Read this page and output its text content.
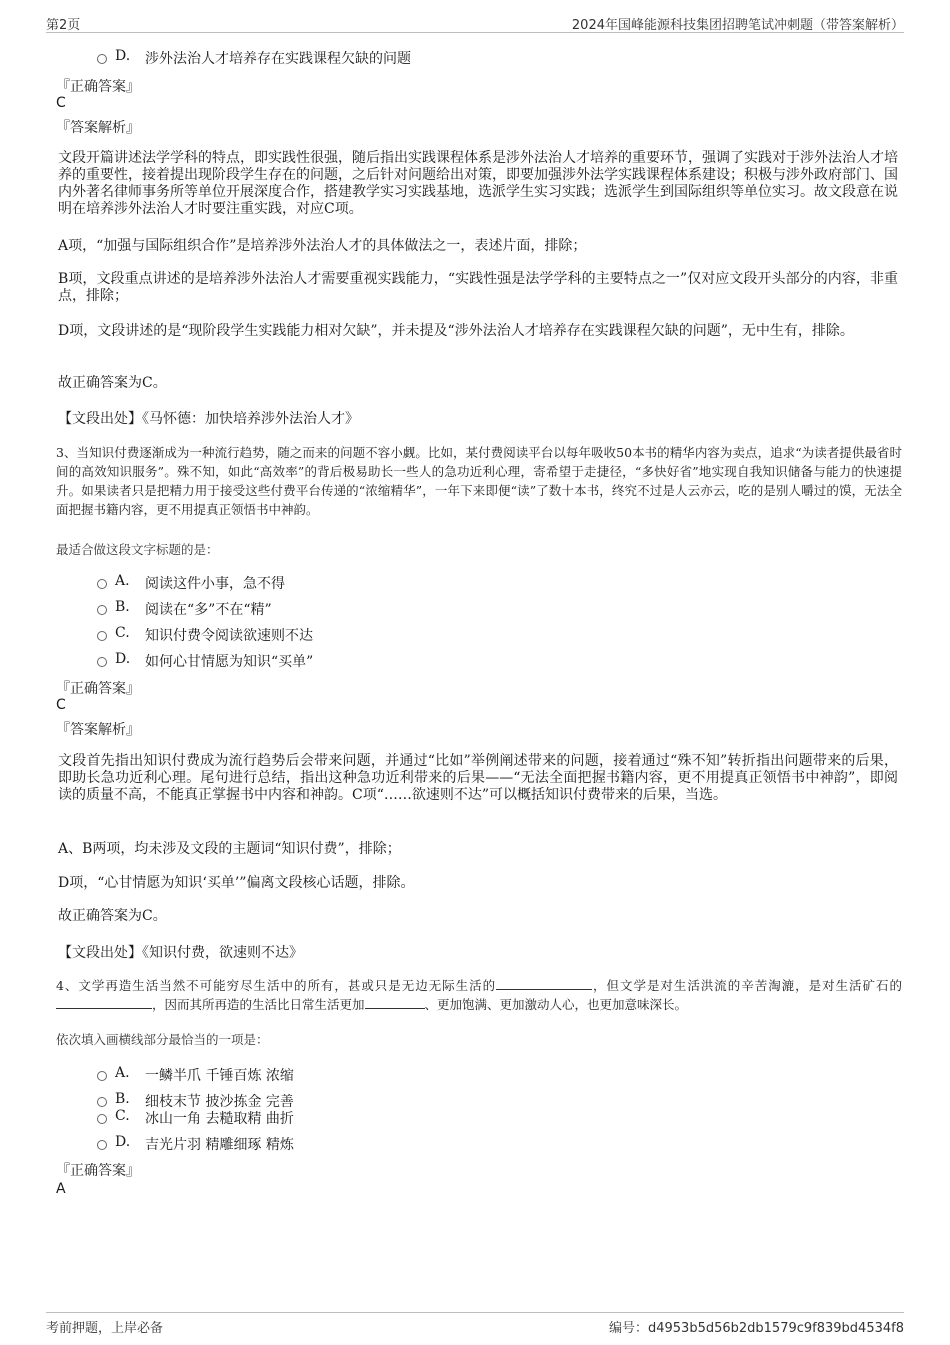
第2页	2024年国峰能源科技集团招聘笔试冲刺题（带答案解析）
D. 涉外法治人才培养存在实践课程欠缺的问题
『正确答案』
C
『答案解析』
文段开篇讲述法学学科的特点，即实践性很强，随后指出实践课程体系是涉外法治人才培养的重要环节，强调了实践对于涉外法治人才培养的重要性，接着提出现阶段学生存在的问题，之后针对问题给出对策，即要加强涉外法学实践课程体系建设；积极与涉外政府部门、国内外著名律师事务所等单位开展深度合作，搭建教学实习实践基地，选派学生实习实践；选派学生到国际组织等单位实习。故文段意在说明在培养涉外法治人才时要注重实践，对应C项。
A项，“加强与国际组织合作”是培养涉外法治人才的具体做法之一，表述片面，排除；
B项，文段重点讲述的是培养涉外法治人才需要重视实践能力，“实践性强是法学学科的主要特点之一”仅对应文段开头部分的内容，非重点，排除；
D项，文段讲述的是“现阶段学生实践能力相对欠缺”，并未提及“涉外法治人才培养存在实践课程欠缺的问题”，无中生有，排除。
故正确答案为C。
【文段出处】《马怀德：加快培养涉外法治人才》
3、当知识付费逐渐成为一种流行趋势，随之而来的问题不容小觑。比如，某付费阅读平台以每年吸收50本书的精华内容为卖点，追求“为读者提供最省时间的高效知识服务”。殊不知，如此“高效率”的背后极易助长一些人的急功近利心理，寄希望于走捷径，“多快好省”地实现自我知识储备与能力的快速提升。如果读者只是把精力用于接受这些付费平台传递的“浓缩精华”，一年下来即便“读”了数十本书，终究不过是人云亦云，吃的是别人嚼过的馍，无法全面把握书籍内容，更不用提真正领悟书中神韵。
最适合做这段文字标题的是：
A. 阅读这件小事，急不得
B. 阅读在“多”不在“精”
C. 知识付费令阅读欲速则不达
D. 如何心甘情愿为知识“买单”
『正确答案』
C
『答案解析』
文段首先指出知识付费成为流行趋势后会带来问题，并通过“比如”举例阐述带来的问题，接着通过“殊不知”转折指出问题带来的后果，即助长急功近利心理。尾句进行总结，指出这种急功近利带来的后果——“无法全面把握书籍内容，更不用提真正领悟书中神韵”，即阅读的质量不高，不能真正掌握书中内容和神韵。C项“……欲速则不达”可以概括知识付费带来的后果，当选。
A、B两项，均未涉及文段的主题词“知识付费”，排除；
D项，“心甘情愿为知识‘买单’”偏离文段核心话题，排除。
故正确答案为C。
【文段出处】《知识付费，欲速则不达》
4、文学再造生活当然不可能穷尽生活中的所有，甚或只是无边无际生活的	，但文学是对生活洪流的辛苦淘漉，是对生活矿石的，因而其所再造的生活比日常生活更加	、更加饱满、更加激动人心，也更加意味深长。
依次填入画横线部分最恰当的一项是：
A. 一鳞半爪 千锤百炼 浓缩
B. 细枝末节 披沙拣金 完善
C. 冰山一角 去糙取精 曲折
D. 吉光片羽 精雕细琢 精炼
『正确答案』
A
考前押题，上岸必备	编号：d4953b5d56b2db1579c9f839bd4534f8
